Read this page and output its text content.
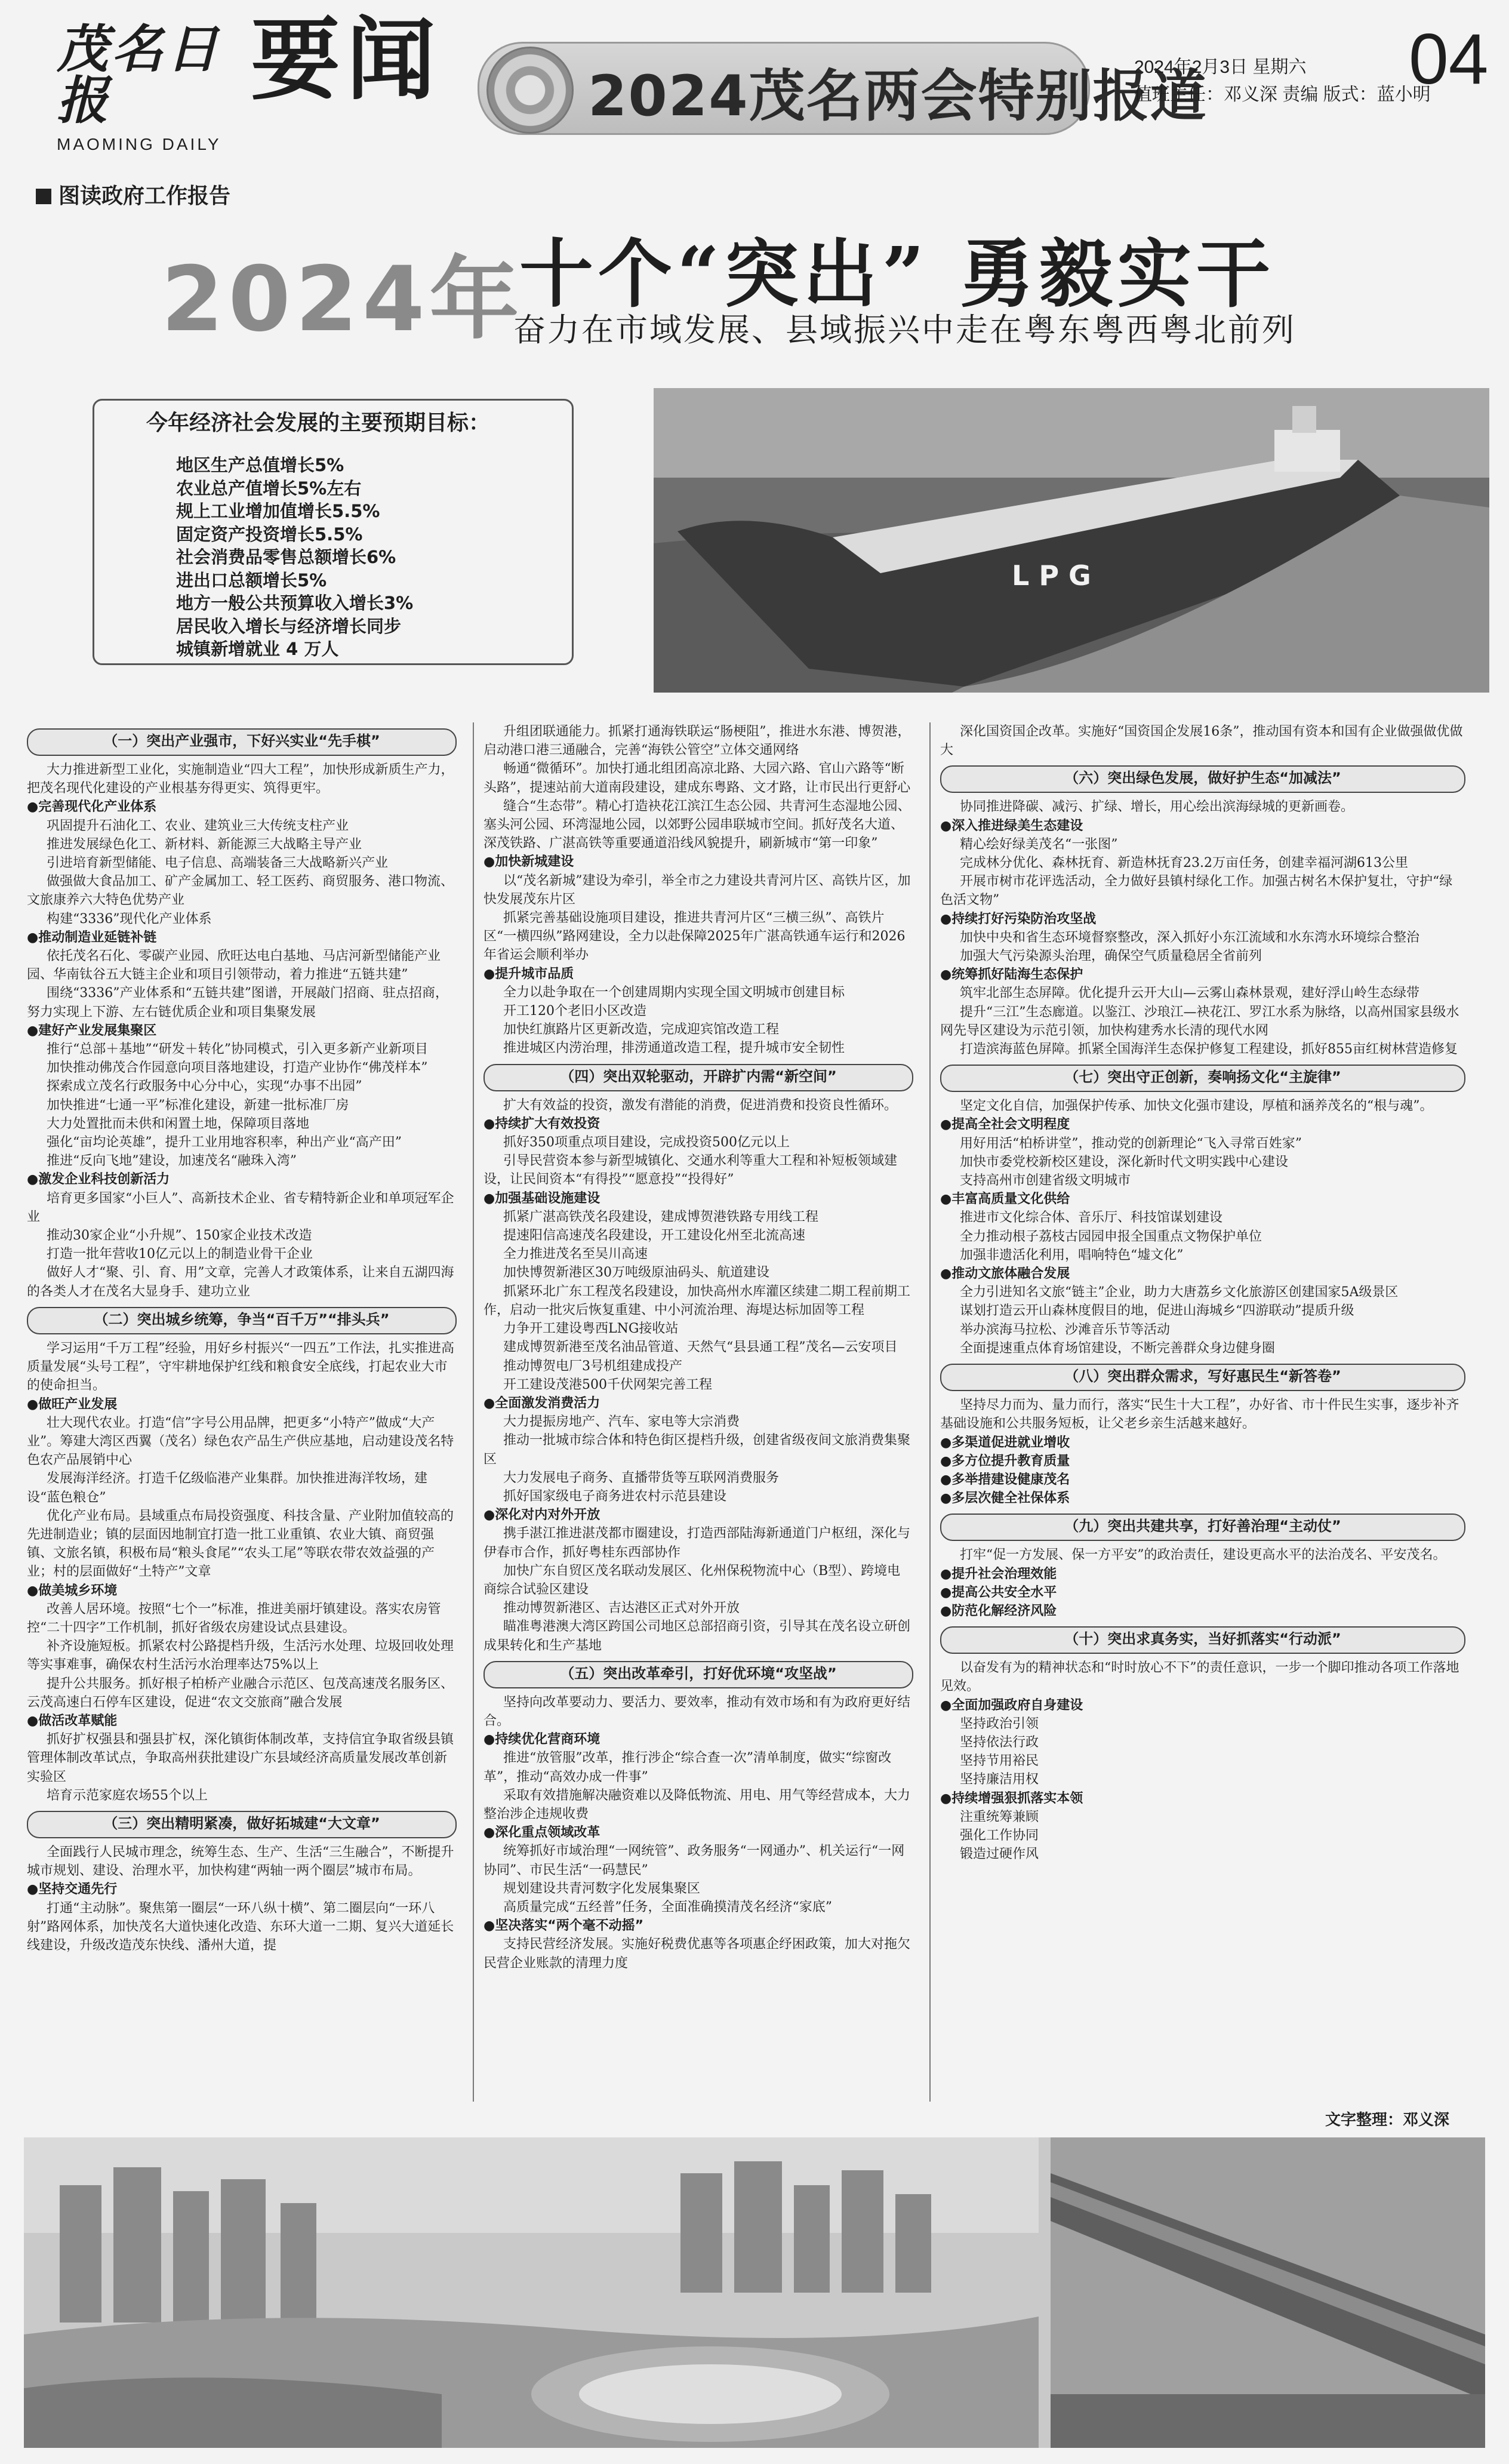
茂名日报
MAOMING DAILY
要闻	2024茂名两会特别报道
2024年2月3日 星期六
值班主任：邓义深 责编 版式：蓝小明
04
图读政府工作报告
2024年
十个“突出” 勇毅实干
奋力在市域发展、县域振兴中走在粤东粤西粤北前列
今年经济社会发展的主要预期目标：
地区生产总值增长5%
农业总产值增长5%左右
规上工业增加值增长5.5%
固定资产投资增长5.5%
社会消费品零售总额增长6%
进出口总额增长5%
地方一般公共预算收入增长3%
居民收入增长与经济增长同步
城镇新增就业 4 万人
L P G
（一）突出产业强市，下好兴实业“先手棋”

大力推进新型工业化，实施制造业“四大工程”，加快形成新质生产力，把茂名现代化建设的产业根基夯得更实、筑得更牢。

●完善现代化产业体系

巩固提升石油化工、农业、建筑业三大传统支柱产业

推进发展绿色化工、新材料、新能源三大战略主导产业

引进培育新型储能、电子信息、高端装备三大战略新兴产业

做强做大食品加工、矿产金属加工、轻工医药、商贸服务、港口物流、文旅康养六大特色优势产业

构建“3336”现代化产业体系

●推动制造业延链补链

依托茂名石化、零碳产业园、欣旺达电白基地、马店河新型储能产业园、华南钛谷五大链主企业和项目引领带动，着力推进“五链共建”

围绕“3336”产业体系和“五链共建”图谱，开展敲门招商、驻点招商，努力实现上下游、左右链优质企业和项目集聚发展

●建好产业发展集聚区

推行“总部＋基地”“研发＋转化”协同模式，引入更多新产业新项目

加快推动佛茂合作园意向项目落地建设，打造产业协作“佛茂样本”

探索成立茂名行政服务中心分中心，实现“办事不出园”

加快推进“七通一平”标准化建设，新建一批标准厂房

大力处置批而未供和闲置土地，保障项目落地

强化“亩均论英雄”，提升工业用地容积率，种出产业“高产田”

推进“反向飞地”建设，加速茂名“融珠入湾”

●激发企业科技创新活力

培育更多国家“小巨人”、高新技术企业、省专精特新企业和单项冠军企业

推动30家企业“小升规”、150家企业技术改造

打造一批年营收10亿元以上的制造业骨干企业

做好人才“聚、引、育、用”文章，完善人才政策体系，让来自五湖四海的各类人才在茂名大显身手、建功立业

（二）突出城乡统筹，争当“百千万”“排头兵”

学习运用“千万工程”经验，用好乡村振兴“一四五”工作法，扎实推进高质量发展“头号工程”，守牢耕地保护红线和粮食安全底线，打起农业大市的使命担当。

●做旺产业发展

壮大现代农业。打造“信”字号公用品牌，把更多“小特产”做成“大产业”。筹建大湾区西翼（茂名）绿色农产品生产供应基地，启动建设茂名特色农产品展销中心

发展海洋经济。打造千亿级临港产业集群。加快推进海洋牧场，建设“蓝色粮仓”

优化产业布局。县域重点布局投资强度、科技含量、产业附加值较高的先进制造业；镇的层面因地制宜打造一批工业重镇、农业大镇、商贸强镇、文旅名镇，积极布局“粮头食尾”“农头工尾”等联农带农效益强的产业；村的层面做好“土特产”文章

●做美城乡环境

改善人居环境。按照“七个一”标准，推进美丽圩镇建设。落实农房管控“二十四字”工作机制，抓好省级农房建设试点县建设。

补齐设施短板。抓紧农村公路提档升级，生活污水处理、垃圾回收处理等实事难事，确保农村生活污水治理率达75%以上

提升公共服务。抓好根子柏桥产业融合示范区、包茂高速茂名服务区、云茂高速白石停车区建设，促进“农文交旅商”融合发展

●做活改革赋能

抓好扩权强县和强县扩权，深化镇街体制改革，支持信宜争取省级县镇管理体制改革试点，争取高州获批建设广东县域经济高质量发展改革创新实验区

培育示范家庭农场55个以上

（三）突出精明紧凑，做好拓城建“大文章”

全面践行人民城市理念，统筹生态、生产、生活“三生融合”，不断提升城市规划、建设、治理水平，加快构建“两轴一两个圈层”城市布局。

●坚持交通先行

打通“主动脉”。聚焦第一圈层“一环八纵十横”、第二圈层向“一环八射”路网体系，加快茂名大道快速化改造、东环大道一二期、复兴大道延长线建设，升级改造茂东快线、潘州大道，提

升组团联通能力。抓紧打通海铁联运“肠梗阻”，推进水东港、博贺港，启动港口港三通融合，完善“海铁公管空”立体交通网络

畅通“微循环”。加快打通北组团高凉北路、大园六路、官山六路等“断头路”，提速站前大道南段建设，建成东粤路、文才路，让市民出行更舒心

缝合“生态带”。精心打造袂花江滨江生态公园、共青河生态湿地公园、塞头河公园、环湾湿地公园，以郊野公园串联城市空间。抓好茂名大道、深茂铁路、广湛高铁等重要通道沿线风貌提升，刷新城市“第一印象”

●加快新城建设

以“茂名新城”建设为牵引，举全市之力建设共青河片区、高铁片区，加快发展茂东片区

抓紧完善基础设施项目建设，推进共青河片区“三横三纵”、高铁片区“一横四纵”路网建设，全力以赴保障2025年广湛高铁通车运行和2026年省运会顺利举办

●提升城市品质

全力以赴争取在一个创建周期内实现全国文明城市创建目标

开工120个老旧小区改造

加快红旗路片区更新改造，完成迎宾馆改造工程

推进城区内涝治理，排涝通道改造工程，提升城市安全韧性

（四）突出双轮驱动，开辟扩内需“新空间”

扩大有效益的投资，激发有潜能的消费，促进消费和投资良性循环。

●持续扩大有效投资

抓好350项重点项目建设，完成投资500亿元以上

引导民营资本参与新型城镇化、交通水利等重大工程和补短板领域建设，让民间资本“有得投”“愿意投”“投得好”

●加强基础设施建设

抓紧广湛高铁茂名段建设，建成博贺港铁路专用线工程

提速阳信高速茂名段建设，开工建设化州至北流高速

全力推进茂名至吴川高速

加快博贺新港区30万吨级原油码头、航道建设

抓紧环北广东工程茂名段建设，加快高州水库灌区续建二期工程前期工作，启动一批灾后恢复重建、中小河流治理、海堤达标加固等工程

力争开工建设粤西LNG接收站

建成博贺新港至茂名油品管道、天然气“县县通工程”茂名—云安项目

推动博贺电厂3号机组建成投产

开工建设茂港500千伏网架完善工程

●全面激发消费活力

大力提振房地产、汽车、家电等大宗消费

推动一批城市综合体和特色街区提档升级，创建省级夜间文旅消费集聚区

大力发展电子商务、直播带货等互联网消费服务

抓好国家级电子商务进农村示范县建设

●深化对内对外开放

携手湛江推进湛茂都市圈建设，打造西部陆海新通道门户枢纽，深化与伊春市合作，抓好粤桂东西部协作

加快广东自贸区茂名联动发展区、化州保税物流中心（B型）、跨境电商综合试验区建设

推动博贺新港区、吉达港区正式对外开放

瞄准粤港澳大湾区跨国公司地区总部招商引资，引导其在茂名设立研创成果转化和生产基地

（五）突出改革牵引，打好优环境“攻坚战”

坚持向改革要动力、要活力、要效率，推动有效市场和有为政府更好结合。

●持续优化营商环境

推进“放管服”改革，推行涉企“综合查一次”清单制度，做实“综窗改革”，推动“高效办成一件事”

采取有效措施解决融资难以及降低物流、用电、用气等经营成本，大力整治涉企违规收费

●深化重点领域改革

统筹抓好市域治理“一网统管”、政务服务“一网通办”、机关运行“一网协同”、市民生活“一码慧民”

规划建设共青河数字化发展集聚区

高质量完成“五经普”任务，全面准确摸清茂名经济“家底”

●坚决落实“两个毫不动摇”

支持民营经济发展。实施好税费优惠等各项惠企纾困政策，加大对拖欠民营企业账款的清理力度

深化国资国企改革。实施好“国资国企发展16条”，推动国有资本和国有企业做强做优做大

（六）突出绿色发展，做好护生态“加减法”

协同推进降碳、减污、扩绿、增长，用心绘出滨海绿城的更新画卷。

●深入推进绿美生态建设

精心绘好绿美茂名“一张图”

完成林分优化、森林抚育、新造林抚育23.2万亩任务，创建幸福河湖613公里

开展市树市花评选活动，全力做好县镇村绿化工作。加强古树名木保护复壮，守护“绿色活文物”

●持续打好污染防治攻坚战

加快中央和省生态环境督察整改，深入抓好小东江流域和水东湾水环境综合整治

加强大气污染源头治理，确保空气质量稳居全省前列

●统筹抓好陆海生态保护

筑牢北部生态屏障。优化提升云开大山—云雾山森林景观，建好浮山岭生态绿带

提升“三江”生态廊道。以鉴江、沙琅江—袂花江、罗江水系为脉络，以高州国家县级水网先导区建设为示范引领，加快构建秀水长清的现代水网

打造滨海蓝色屏障。抓紧全国海洋生态保护修复工程建设，抓好855亩红树林营造修复

（七）突出守正创新，奏响扬文化“主旋律”

坚定文化自信，加强保护传承、加快文化强市建设，厚植和涵养茂名的“根与魂”。

●提高全社会文明程度

用好用活“柏桥讲堂”，推动党的创新理论“飞入寻常百姓家”

加快市委党校新校区建设，深化新时代文明实践中心建设

支持高州市创建省级文明城市

●丰富高质量文化供给

推进市文化综合体、音乐厅、科技馆谋划建设

全力推动根子荔枝古园园申报全国重点文物保护单位

加强非遗活化利用，唱响特色“墟文化”

●推动文旅体融合发展

全力引进知名文旅“链主”企业，助力大唐荔乡文化旅游区创建国家5A级景区

谋划打造云开山森林度假目的地，促进山海城乡“四游联动”提质升级

举办滨海马拉松、沙滩音乐节等活动

全面提速重点体育场馆建设，不断完善群众身边健身圈

（八）突出群众需求，写好惠民生“新答卷”

坚持尽力而为、量力而行，落实“民生十大工程”，办好省、市十件民生实事，逐步补齐基础设施和公共服务短板，让父老乡亲生活越来越好。

●多渠道促进就业增收

●多方位提升教育质量

●多举措建设健康茂名

●多层次健全社保体系

（九）突出共建共享，打好善治理“主动仗”

打牢“促一方发展、保一方平安”的政治责任，建设更高水平的法治茂名、平安茂名。

●提升社会治理效能

●提高公共安全水平

●防范化解经济风险

（十）突出求真务实，当好抓落实“行动派”

以奋发有为的精神状态和“时时放心不下”的责任意识，一步一个脚印推动各项工作落地见效。

●全面加强政府自身建设

坚持政治引领

坚持依法行政

坚持节用裕民

坚持廉洁用权

●持续增强狠抓落实本领

注重统筹兼顾

强化工作协同

锻造过硬作风

文字整理：邓义深
